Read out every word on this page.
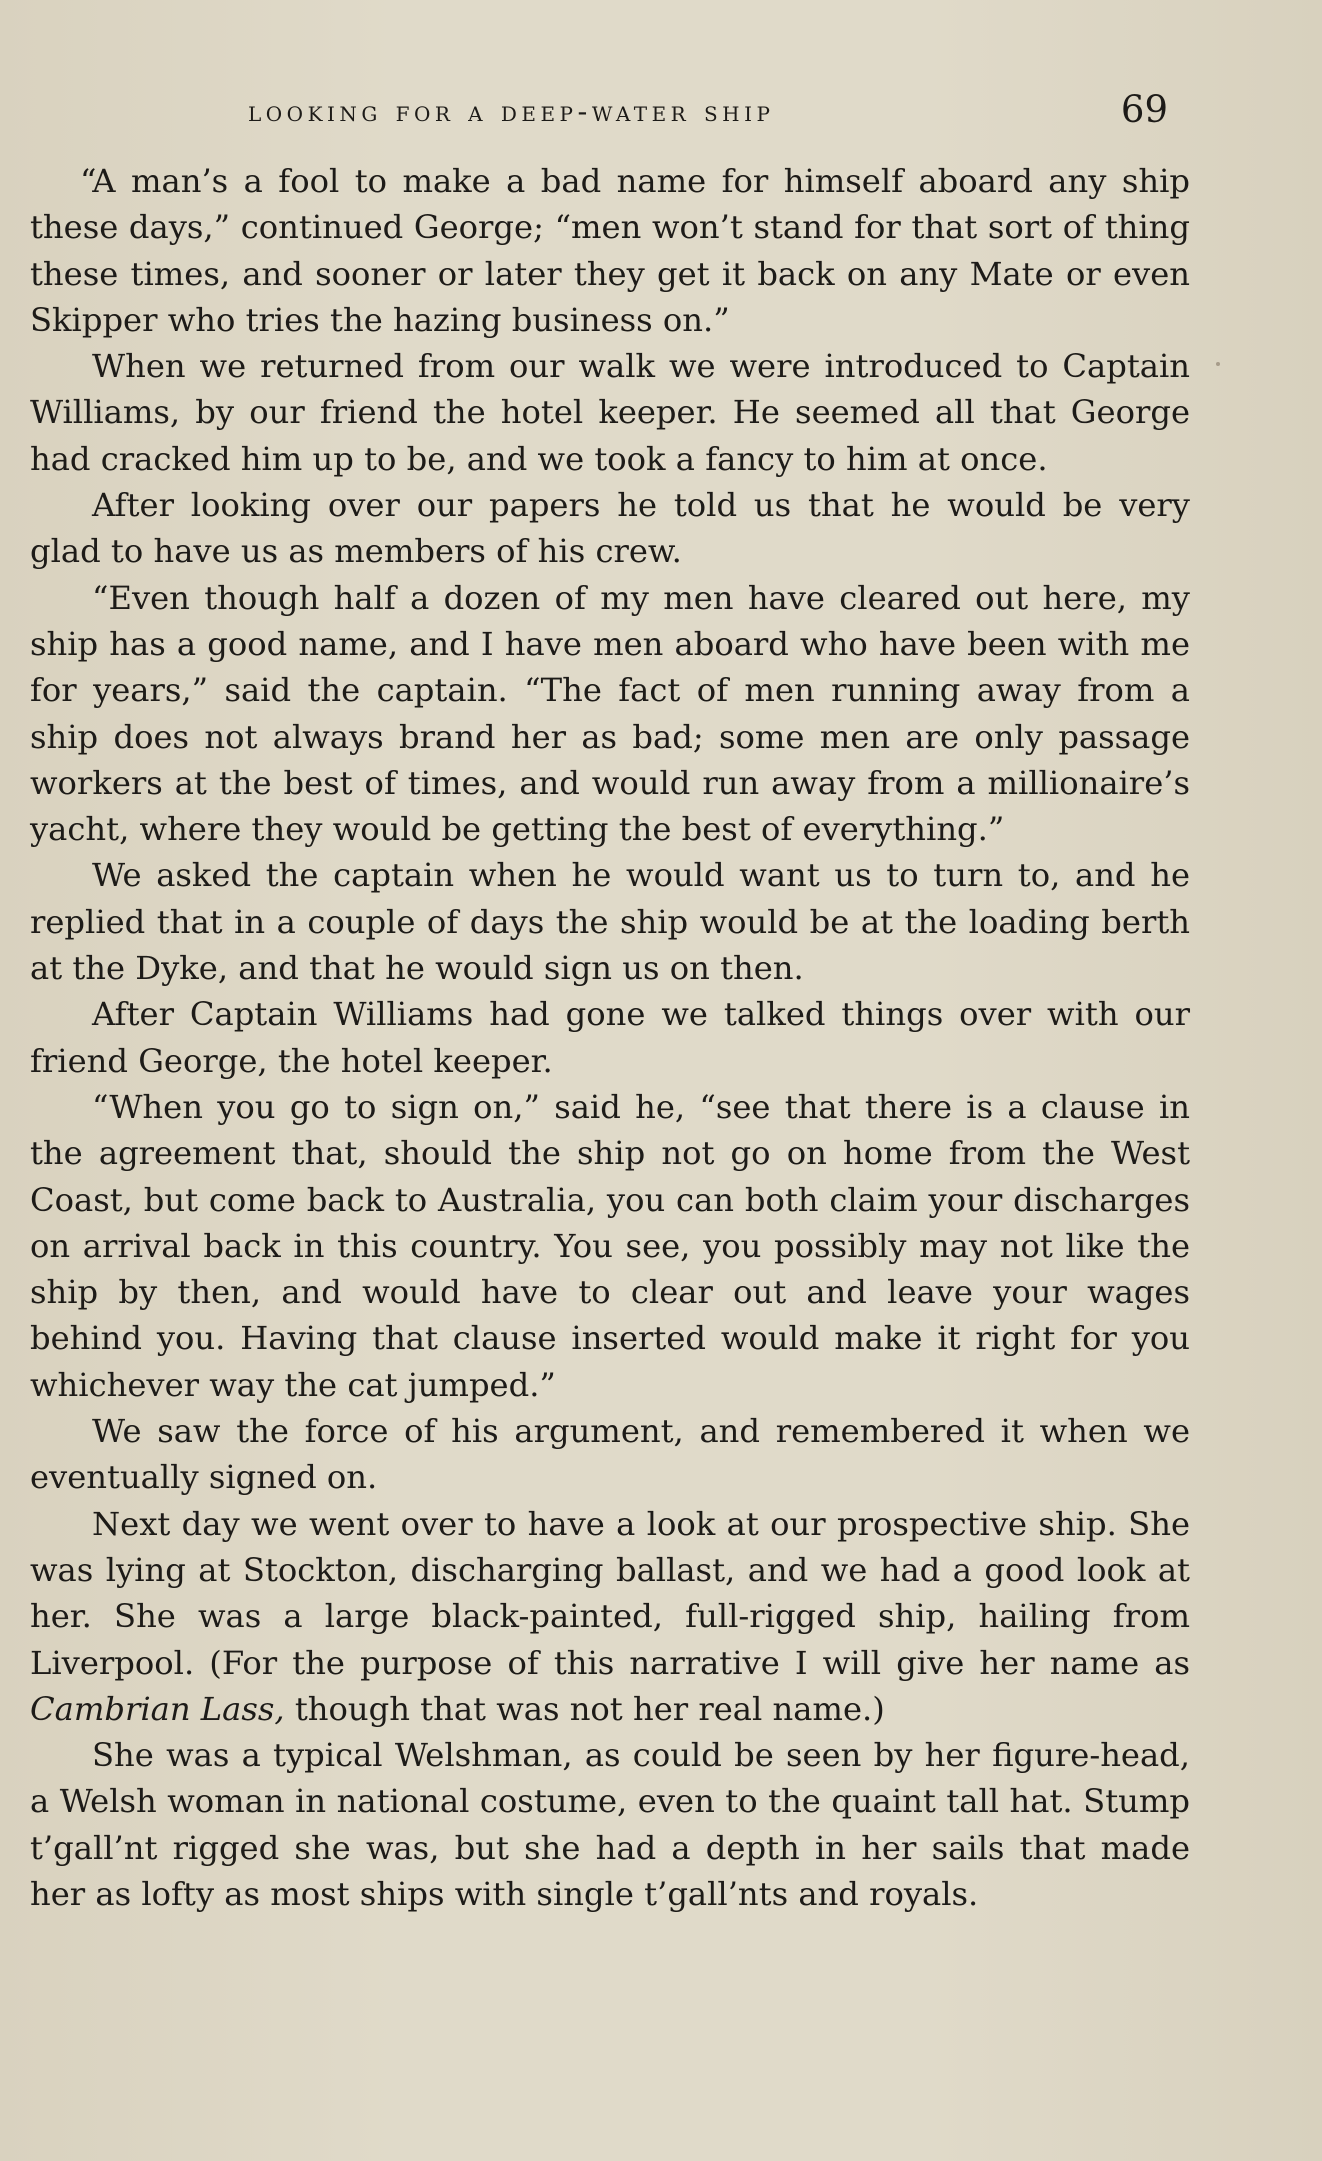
looking for a deep-water ship	69

“A man’s a fool to make a bad name for himself aboard any ship these days,” continued George; “men won’t stand for that sort of thing these times, and sooner or later they get it back on any Mate or even Skipper who tries the hazing business on.”

When we returned from our walk we were introduced to Captain Williams, by our friend the hotel keeper. He seemed all that George had cracked him up to be, and we took a fancy to him at once.

After looking over our papers he told us that he would be very glad to have us as members of his crew.

“Even though half a dozen of my men have cleared out here, my ship has a good name, and I have men aboard who have been with me for years,” said the captain. “The fact of men running away from a ship does not always brand her as bad; some men are only passage workers at the best of times, and would run away from a millionaire’s yacht, where they would be getting the best of everything.”

We asked the captain when he would want us to turn to, and he replied that in a couple of days the ship would be at the loading berth at the Dyke, and that he would sign us on then.

After Captain Williams had gone we talked things over with our friend George, the hotel keeper.

“When you go to sign on,” said he, “see that there is a clause in the agreement that, should the ship not go on home from the West Coast, but come back to Australia, you can both claim your discharges on arrival back in this country. You see, you possibly may not like the ship by then, and would have to clear out and leave your wages behind you. Having that clause inserted would make it right for you whichever way the cat jumped.”

We saw the force of his argument, and remembered it when we eventually signed on.

Next day we went over to have a look at our prospective ship. She was lying at Stockton, discharging ballast, and we had a good look at her. She was a large black-painted, full-rigged ship, hailing from Liverpool. (For the purpose of this narrative I will give her name as Cambrian Lass, though that was not her real name.)

She was a typical Welshman, as could be seen by her figure-head, a Welsh woman in national costume, even to the quaint tall hat. Stump t’gall’nt rigged she was, but she had a depth in her sails that made her as lofty as most ships with single t’gall’nts and royals.
